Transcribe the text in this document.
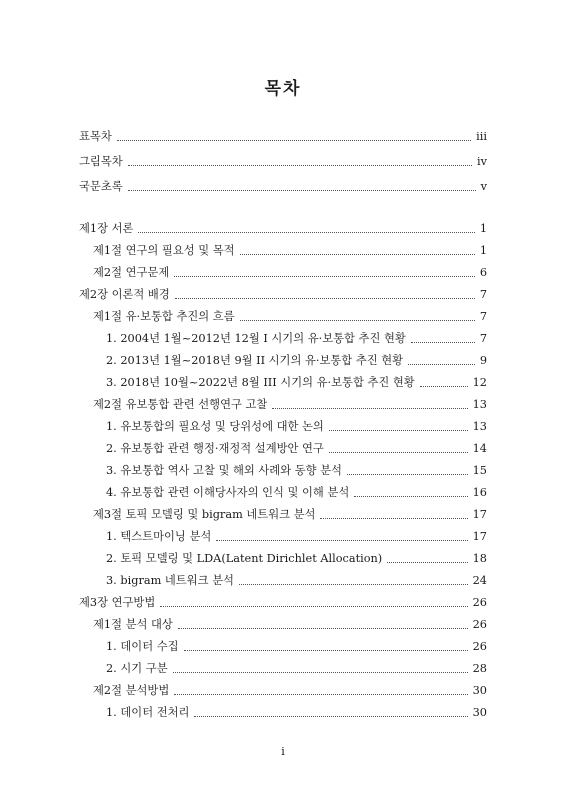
목차
표목차	iii
그림목차	iv
국문초록	v
제1장 서론	1
제1절 연구의 필요성 및 목적	1
제2절 연구문제	6
제2장 이론적 배경	7
제1절 유·보통합 추진의 흐름	7
1. 2004년 1월~2012년 12월 I 시기의 유·보통합 추진 현황	7
2. 2013년 1월~2018년 9월 II 시기의 유·보통합 추진 현황	9
3. 2018년 10월~2022년 8월 III 시기의 유·보통합 추진 현황	12
제2절 유보통합 관련 선행연구 고찰	13
1. 유보통합의 필요성 및 당위성에 대한 논의	13
2. 유보통합 관련 행정·재정적 설계방안 연구	14
3. 유보통합 역사 고찰 및 해외 사례와 동향 분석	15
4. 유보통합 관련 이해당사자의 인식 및 이해 분석	16
제3절 토픽 모델링 및 bigram 네트워크 분석	17
1. 텍스트마이닝 분석	17
2. 토픽 모델링 및 LDA(Latent Dirichlet Allocation)	18
3. bigram 네트워크 분석	24
제3장 연구방법	26
제1절 분석 대상	26
1. 데이터 수집	26
2. 시기 구분	28
제2절 분석방법	30
1. 데이터 전처리	30
i
